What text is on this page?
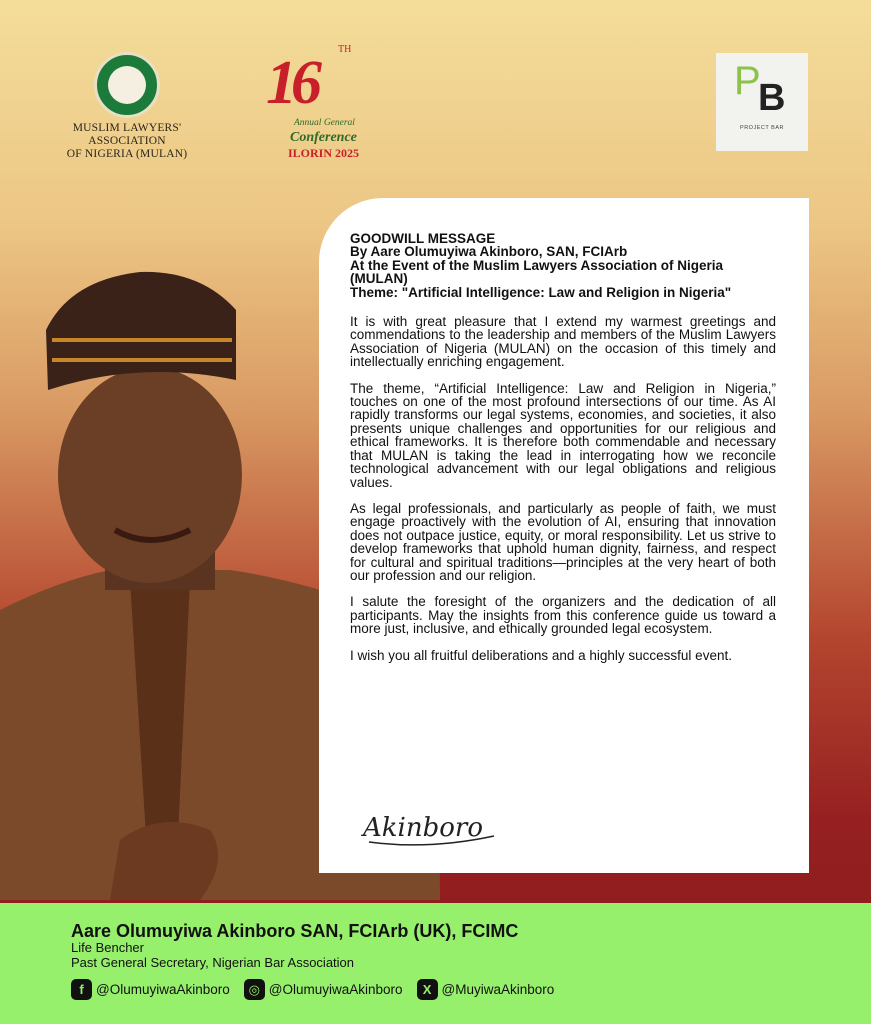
MUSLIM LAWYERS' ASSOCIATION
OF NIGERIA (MULAN)
16 TH
Annual General
Conference
ILORIN 2025
P
B
PROJECT BAR
GOODWILL MESSAGE
By Aare Olumuyiwa Akinboro, SAN, FCIArb
At the Event of the Muslim Lawyers Association of Nigeria (MULAN)
Theme: "Artificial Intelligence: Law and Religion in Nigeria"

It is with great pleasure that I extend my warmest greetings and commendations to the leadership and members of the Muslim Lawyers Association of Nigeria (MULAN) on the occasion of this timely and intellectually enriching engagement.

The theme, “Artificial Intelligence: Law and Religion in Nigeria,” touches on one of the most profound intersections of our time. As AI rapidly transforms our legal systems, economies, and societies, it also presents unique challenges and opportunities for our religious and ethical frameworks. It is therefore both commendable and necessary that MULAN is taking the lead in interrogating how we reconcile technological advancement with our legal obligations and religious values.

As legal professionals, and particularly as people of faith, we must engage proactively with the evolution of AI, ensuring that innovation does not outpace justice, equity, or moral responsibility. Let us strive to develop frameworks that uphold human dignity, fairness, and respect for cultural and spiritual traditions—principles at the very heart of both our profession and our religion.

I salute the foresight of the organizers and the dedication of all participants. May the insights from this conference guide us toward a more just, inclusive, and ethically grounded legal ecosystem.

I wish you all fruitful deliberations and a highly successful event.

Akinboro
Aare Olumuyiwa Akinboro SAN, FCIArb (UK), FCIMC
Life Bencher
Past General Secretary, Nigerian Bar Association
f @OlumuyiwaAkinboro	◎ @OlumuyiwaAkinboro	X @MuyiwaAkinboro
